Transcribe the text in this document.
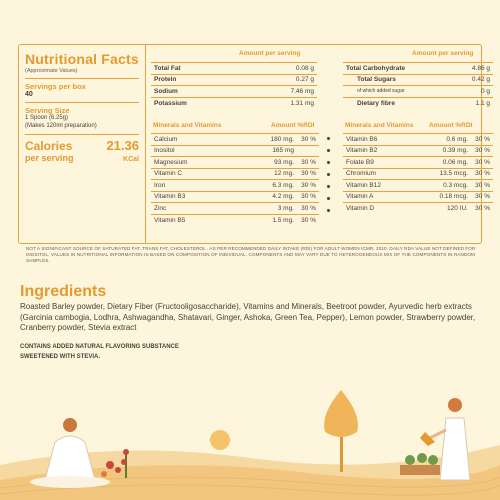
Nutritional Facts
(Approximate Values)
Servings per box
40
Serving Size
1 Spoon (6.25g)
(Makes 120ml preparation)
Calories	21.36
per serving	KCal
Amount per serving	Amount per serving
Total Fat	0.08 g
Protein	0.27 g
Sodium	7.46 mg
Potassium	1.31 mg
Total Carbohydrate	4.86 g
Total Sugars	0.42 g
of which added sugar	0 g
Dietary fibre	1.1 g
Minerals and Vitamins	Amount %RDI	Minerals and Vitamins Amount %RDI
Calcium	180 mg.	30 %
Inositol	165 mg	
Magnesium	93 mg.	30 %
Vitamin C	12 mg.	30 %
Iron	6.3 mg.	30 %
Vitamin B3	4.2 mg.	30 %
Zinc	3 mg.	30 %
Vitamin B5	1.5 mg.	30 %
Vitamin B6	0.6 mg.	30 %
Vitamin B2	0.39 mg.	30 %
Folate B9	0.06 mg.	30 %
Chromium	13.5 mcg.	30 %
Vitamin B12	0.3 mcg.	30 %
Vitamin A	0.18 mcg.	30 %
Vitamin D	120 IU.	30 %
NOT A SIGNIFICANT SOURCE OF SATURATED FAT, TRANS FAT, CHOLESTEROL . AS PER RECOMMENDED DAILY INTAKE (RDI) FOR ADULT WOMEN ICMR, 2010. DAILY RDA VALUE NOT DEFINED FOR INOSITOL. VALUES IN NUTRITIONAL INFORMATION IS BASED ON COMPOSITION OF INDIVIDUAL. COMPONENTS AND MAY VARY DUE TO HETEROGENEOUS MIX OF THE COMPONENTS IN RANDOM SAMPLES.
Ingredients
Roasted Barley powder, Dietary Fiber (Fructooligosaccharide), Vitamins and Minerals, Beetroot powder, Ayurvedic herb extracts (Garcinia cambogia, Lodhra, Ashwagandha, Shatavari, Ginger, Ashoka, Green Tea, Pepper), Lemon powder, Strawberry powder, Cranberry powder, Stevia extract
CONTAINS ADDED NATURAL FLAVORING SUBSTANCE
SWEETENED WITH STEVIA.
